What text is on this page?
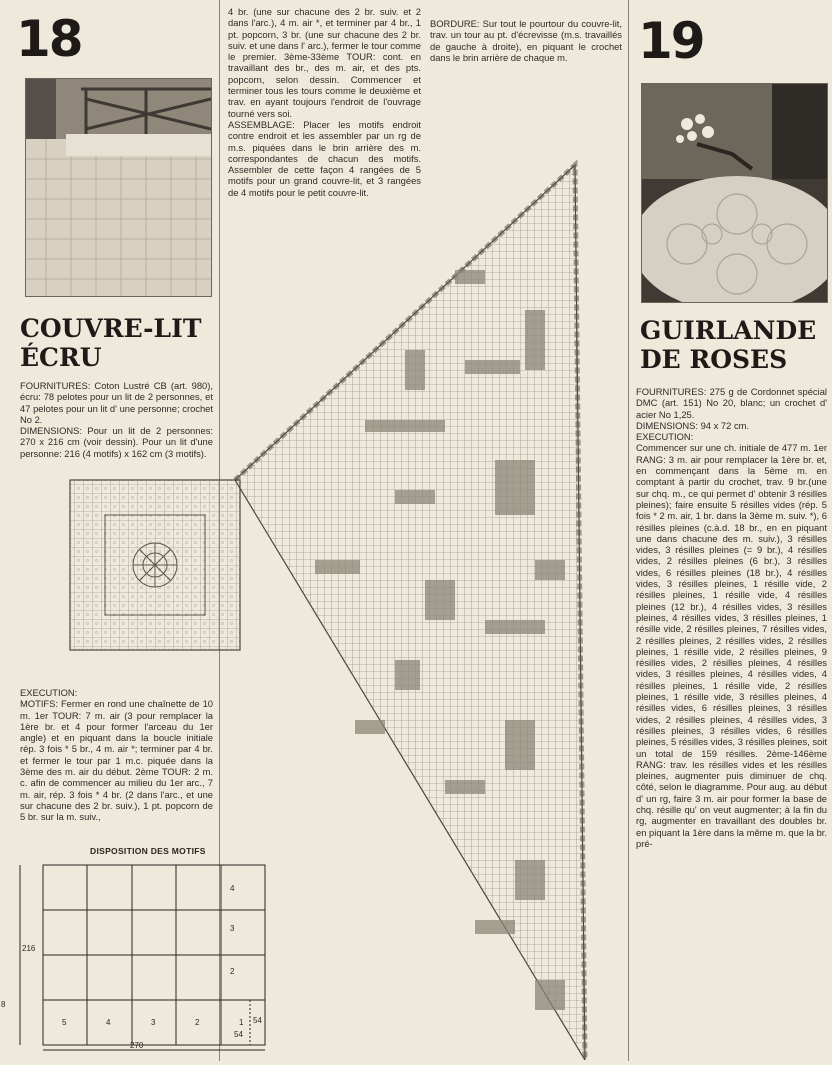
18
COUVRE-LIT
ÉCRU

FOURNITURES: Coton Lustré CB (art. 980), écru: 78 pelotes pour un lit de 2 personnes, et 47 pelotes pour un lit d' une personne; crochet No 2.

DIMENSIONS: Pour un lit de 2 personnes: 270 x 216 cm (voir dessin). Pour un lit d'une personne: 216 (4 motifs) x 162 cm (3 motifs).

EXECUTION:

MOTIFS: Fermer en rond une chaînette de 10 m. 1er TOUR: 7 m. air (3 pour remplacer la 1ère br. et 4 pour former l'arceau du 1er angle) et en piquant dans la boucle initiale rép. 3 fois * 5 br., 4 m. air *; terminer par 4 br. et fermer le tour par 1 m.c. piquée dans la 3ème des m. air du début. 2ème TOUR: 2 m. c. afin de commencer au milieu du 1er arc., 7 m. air, rép. 3 fois * 4 br. (2 dans l'arc., et une sur chacune des 2 br. suiv.), 1 pt. popcorn de 5 br. sur la m. suiv.,

DISPOSITION DES MOTIFS
5	4	3	2	1
4
3
2
216
270
54
54
8

4 br. (une sur chacune des 2 br. suiv. et 2 dans l'arc.), 4 m. air *, et terminer par 4 br., 1 pt. popcorn, 3 br. (une sur chacune des 2 br. suiv. et une dans l' arc.), fermer le tour comme le premier. 3ème-33ème TOUR: cont. en travaillant des br., des m. air, et des pts. popcorn, selon dessin. Commencer et terminer tous les tours comme le deuxième et trav. en ayant toujours l'endroit de l'ouvrage tourné vers soi.

ASSEMBLAGE: Placer les motifs endroit contre endroit et les assembler par un rg de m.s. piquées dans le brin arrière des m. correspondantes de chacun des motifs. Assembler de cette façon 4 rangées de 5 motifs pour un grand couvre-lit, et 3 rangées de 4 motifs pour le petit couvre-lit.

BORDURE: Sur tout le pourtour du couvre-lit, trav. un tour au pt. d'écrevisse (m.s. travaillés de gauche à droite), en piquant le crochet dans le brin arrière de chaque m.	19
GUIRLANDE
DE ROSES

FOURNITURES: 275 g de Cordonnet spécial DMC (art. 151) No 20, blanc; un crochet d' acier No 1,25.

DIMENSIONS: 94 x 72 cm.

EXECUTION:

Commencer sur une ch. initiale de 477 m. 1er RANG: 3 m. air pour remplacer la 1ère br. et, en commençant dans la 5ème m. en comptant à partir du crochet, trav. 9 br.(une sur chq. m., ce qui permet d' obtenir 3 résilles pleines); faire ensuite 5 résilles vides (rép. 5 fois * 2 m. air, 1 br. dans la 3ème m. suiv. *), 6 résilles pleines (c.à.d. 18 br., en en piquant une dans chacune des m. suiv.), 3 résilles vides, 3 résilles pleines (= 9 br.), 4 résilles vides, 2 résilles pleines (6 br.), 3 résilles vides, 6 résilles pleines (18 br.), 4 résilles vides, 3 résilles pleines, 1 résille vide, 2 résilles pleines, 1 résille vide, 4 résilles pleines (12 br.), 4 résilles vides, 3 résilles pleines, 4 résilles vides, 3 résilles pleines, 1 résille vide, 2 résilles pleines, 7 résilles vides, 2 résilles pleines, 2 résilles vides, 2 résilles pleines, 1 résille vide, 2 résilles pleines, 9 résilles vides, 2 résilles pleines, 4 résilles vides, 3 résilles pleines, 4 résilles vides, 4 résilles pleines, 1 résille vide, 2 résilles pleines, 1 résille vide, 3 résilles pleines, 4 résilles vides, 6 résilles pleines, 3 résilles vides, 2 résilles pleines, 4 résilles vides, 3 résilles pleines, 3 résilles vides, 6 résilles pleines, 5 résilles vides, 3 résilles pleines, soit un total de 159 résilles. 2ème-146ème RANG: trav. les résilles vides et les résilles pleines, augmenter puis diminuer de chq. côté, selon le diagramme. Pour aug. au début d' un rg, faire 3 m. air pour former la base de chq. résille qu' on veut augmenter; à la fin du rg, augmenter en travaillant des doubles br. en piquant la 1ère dans la même m. que la br. pré-
